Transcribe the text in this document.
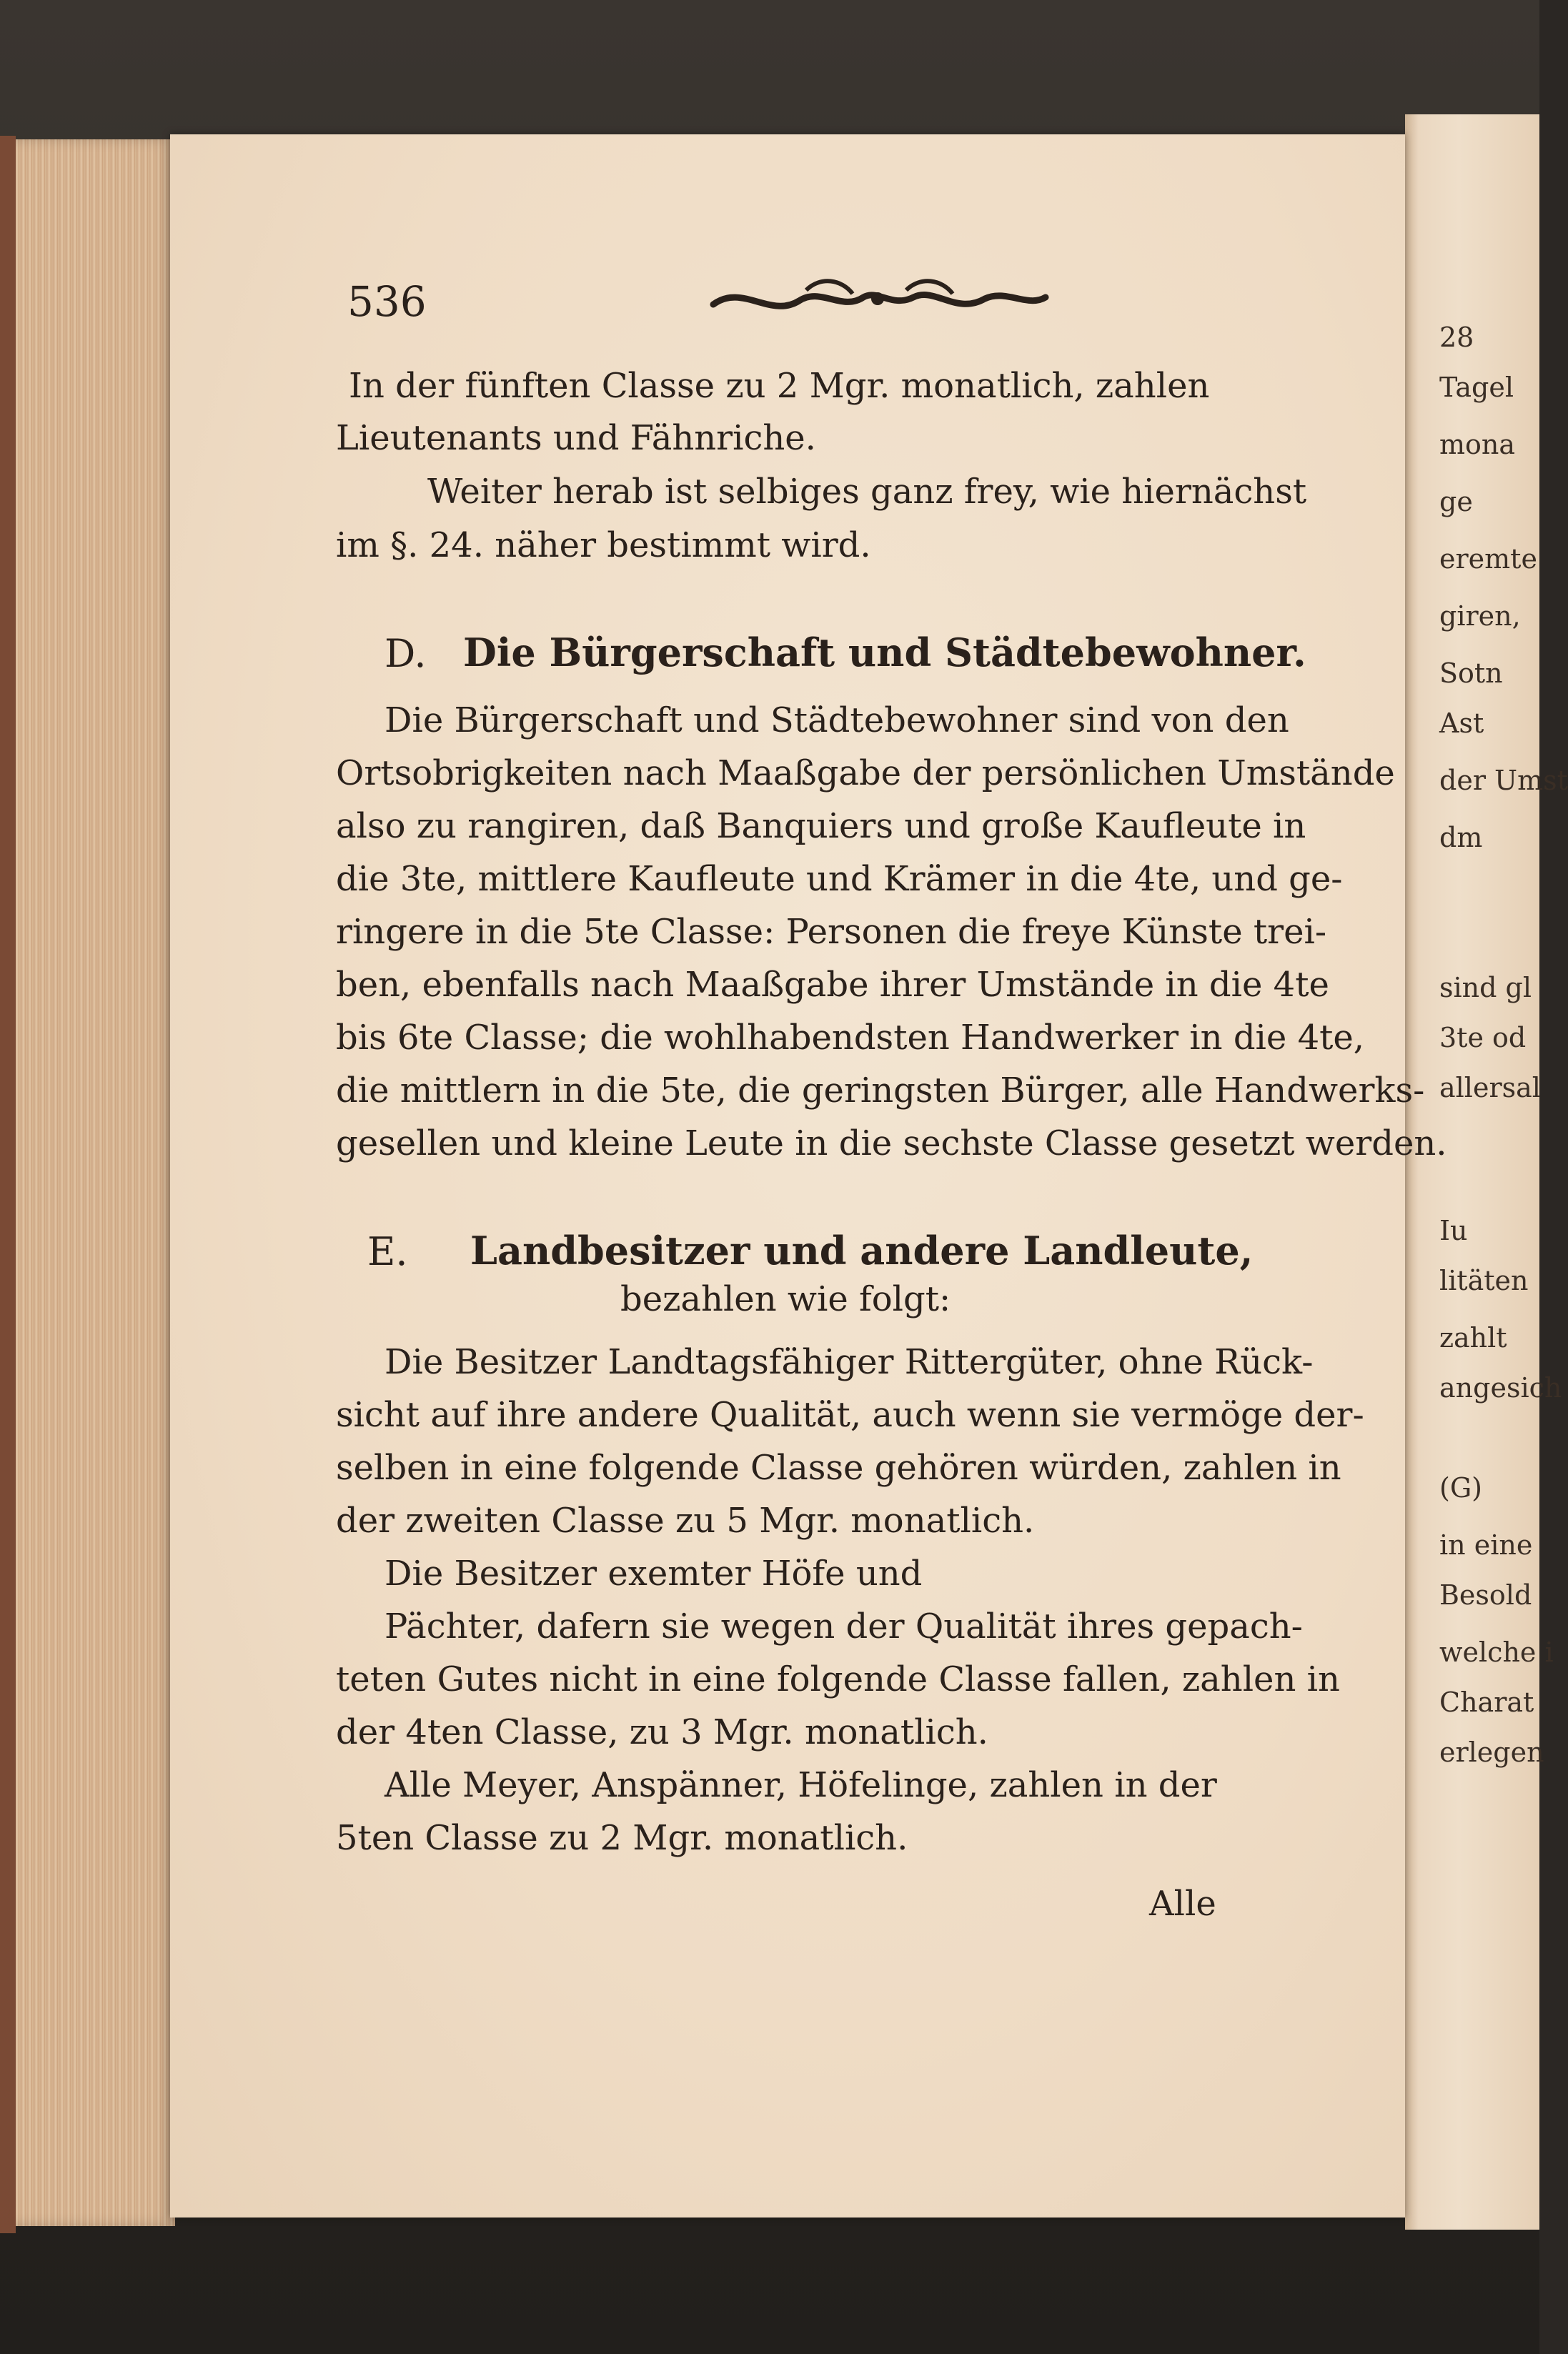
28
Tagel
mona
ge
eremte
giren,
Sotn
Ast
der Umst
dm
sind gl
3te od
allersal
Iu
litäten
zahlt
angesich
(G)
in eine
Besold
welche i
Charat
erlegen
536
In der fünften Classe zu 2 Mgr. monatlich, zahlen
Lieutenants und Fähnriche.
Weiter herab ist selbiges ganz frey, wie hiernächst
im §. 24. näher bestimmt wird.
D. Die Bürgerschaft und Städtebewohner.
Die Bürgerschaft und Städtebewohner sind von den
Ortsobrigkeiten nach Maaßgabe der persönlichen Umstände
also zu rangiren, daß Banquiers und große Kaufleute in
die 3te, mittlere Kaufleute und Krämer in die 4te, und ge-
ringere in die 5te Classe: Personen die freye Künste trei-
ben, ebenfalls nach Maaßgabe ihrer Umstände in die 4te
bis 6te Classe; die wohlhabendsten Handwerker in die 4te,
die mittlern in die 5te, die geringsten Bürger, alle Handwerks-
gesellen und kleine Leute in die sechste Classe gesetzt werden.
E. Landbesitzer und andere Landleute,
bezahlen wie folgt:
Die Besitzer Landtagsfähiger Rittergüter, ohne Rück-
sicht auf ihre andere Qualität, auch wenn sie vermöge der-
selben in eine folgende Classe gehören würden, zahlen in
der zweiten Classe zu 5 Mgr. monatlich.
Die Besitzer exemter Höfe und
Pächter, dafern sie wegen der Qualität ihres gepach-
teten Gutes nicht in eine folgende Classe fallen, zahlen in
der 4ten Classe, zu 3 Mgr. monatlich.
Alle Meyer, Anspänner, Höfelinge, zahlen in der
5ten Classe zu 2 Mgr. monatlich.
Alle
